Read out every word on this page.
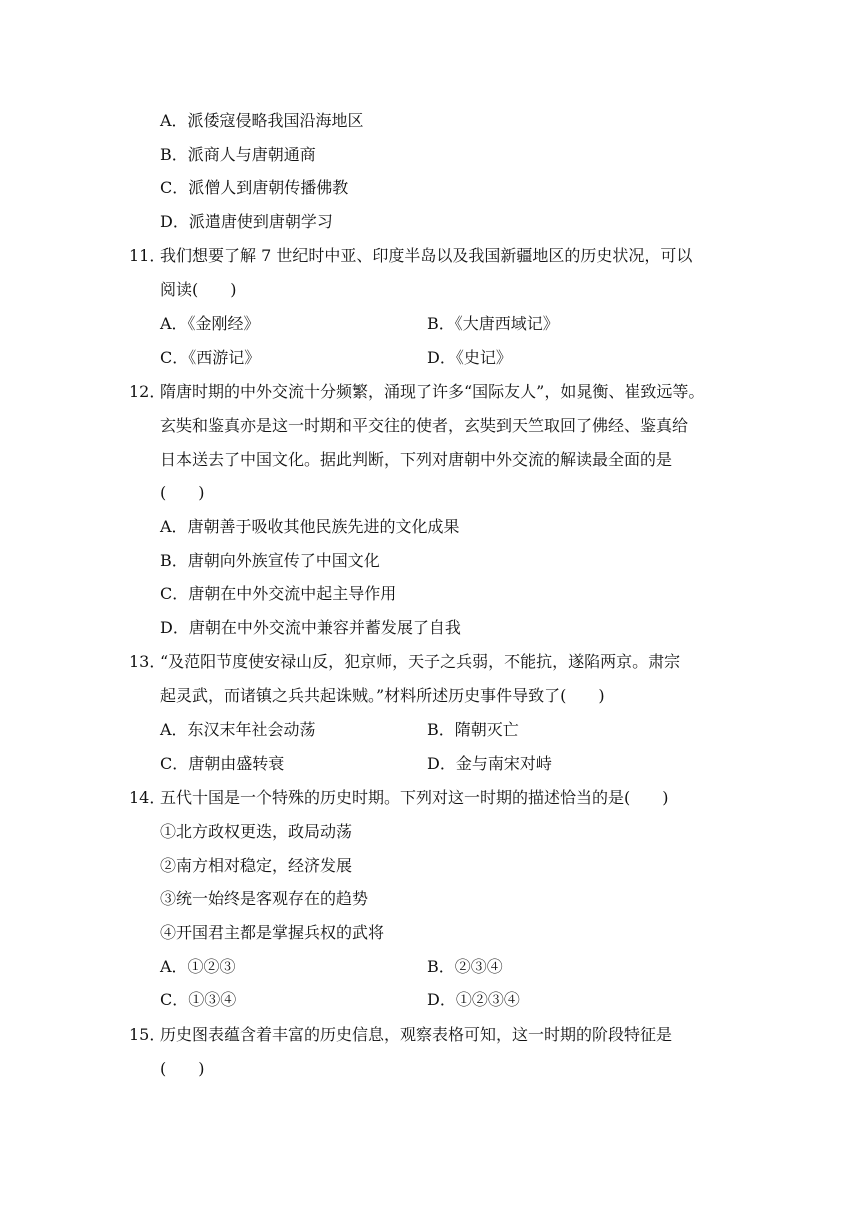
A．派倭寇侵略我国沿海地区
B．派商人与唐朝通商
C．派僧人到唐朝传播佛教
D．派遣唐使到唐朝学习
11．
我们想要了解 7 世纪时中亚、印度半岛以及我国新疆地区的历史状况，可以
阅读(　　)
A．《金刚经》	B．《大唐西域记》
C．《西游记》	D．《史记》
12．
隋唐时期的中外交流十分频繁，涌现了许多“国际友人”，如晁衡、崔致远等。
玄奘和鉴真亦是这一时期和平交往的使者，玄奘到天竺取回了佛经、鉴真给
日本送去了中国文化。据此判断，下列对唐朝中外交流的解读最全面的是
(　　)
A．唐朝善于吸收其他民族先进的文化成果
B．唐朝向外族宣传了中国文化
C．唐朝在中外交流中起主导作用
D．唐朝在中外交流中兼容并蓄发展了自我
13．
“及范阳节度使安禄山反，犯京师，天子之兵弱，不能抗，遂陷两京。肃宗
起灵武，而诸镇之兵共起诛贼。”材料所述历史事件导致了(　　)
A．东汉末年社会动荡	B．隋朝灭亡
C．唐朝由盛转衰	D．金与南宋对峙
14．
五代十国是一个特殊的历史时期。下列对这一时期的描述恰当的是(　　)
①北方政权更迭，政局动荡
②南方相对稳定，经济发展
③统一始终是客观存在的趋势
④开国君主都是掌握兵权的武将
A．①②③	B．②③④
C．①③④	D．①②③④
15．
历史图表蕴含着丰富的历史信息，观察表格可知，这一时期的阶段特征是
(　　)
